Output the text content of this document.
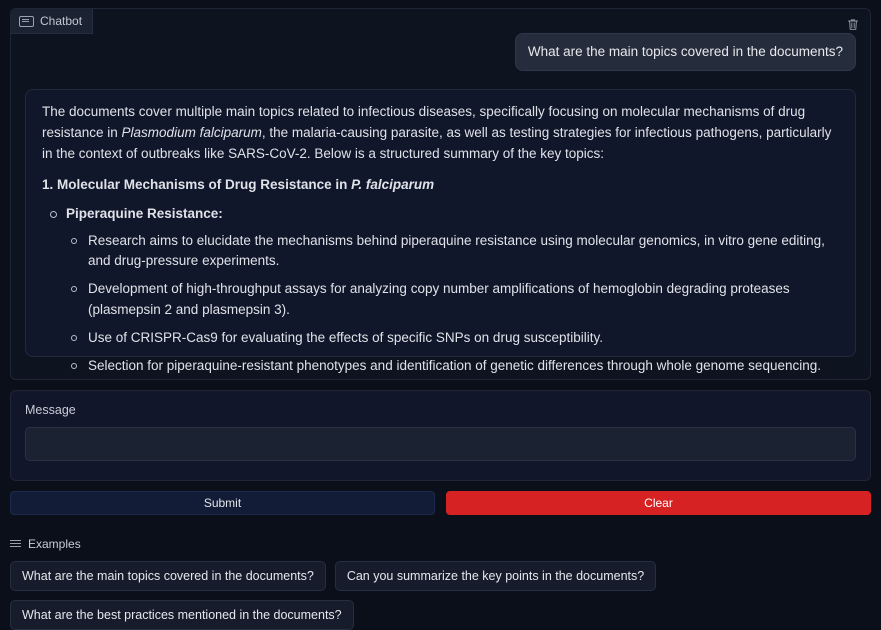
Chatbot
What are the main topics covered in the documents?

The documents cover multiple main topics related to infectious diseases, specifically focusing on molecular mechanisms of drug resistance in Plasmodium falciparum, the malaria-causing parasite, as well as testing strategies for infectious pathogens, particularly in the context of outbreaks like SARS-CoV-2. Below is a structured summary of the key topics:

1. Molecular Mechanisms of Drug Resistance in P. falciparum

Piperaquine Resistance:
Research aims to elucidate the mechanisms behind piperaquine resistance using molecular genomics, in vitro gene editing, and drug-pressure experiments.
Development of high-throughput assays for analyzing copy number amplifications of hemoglobin degrading proteases (plasmepsin 2 and plasmepsin 3).
Use of CRISPR-Cas9 for evaluating the effects of specific SNPs on drug susceptibility.
Selection for piperaquine-resistant phenotypes and identification of genetic differences through whole genome sequencing.
Message
Submit	Clear
Examples
What are the main topics covered in the documents?	Can you summarize the key points in the documents?
What are the best practices mentioned in the documents?
